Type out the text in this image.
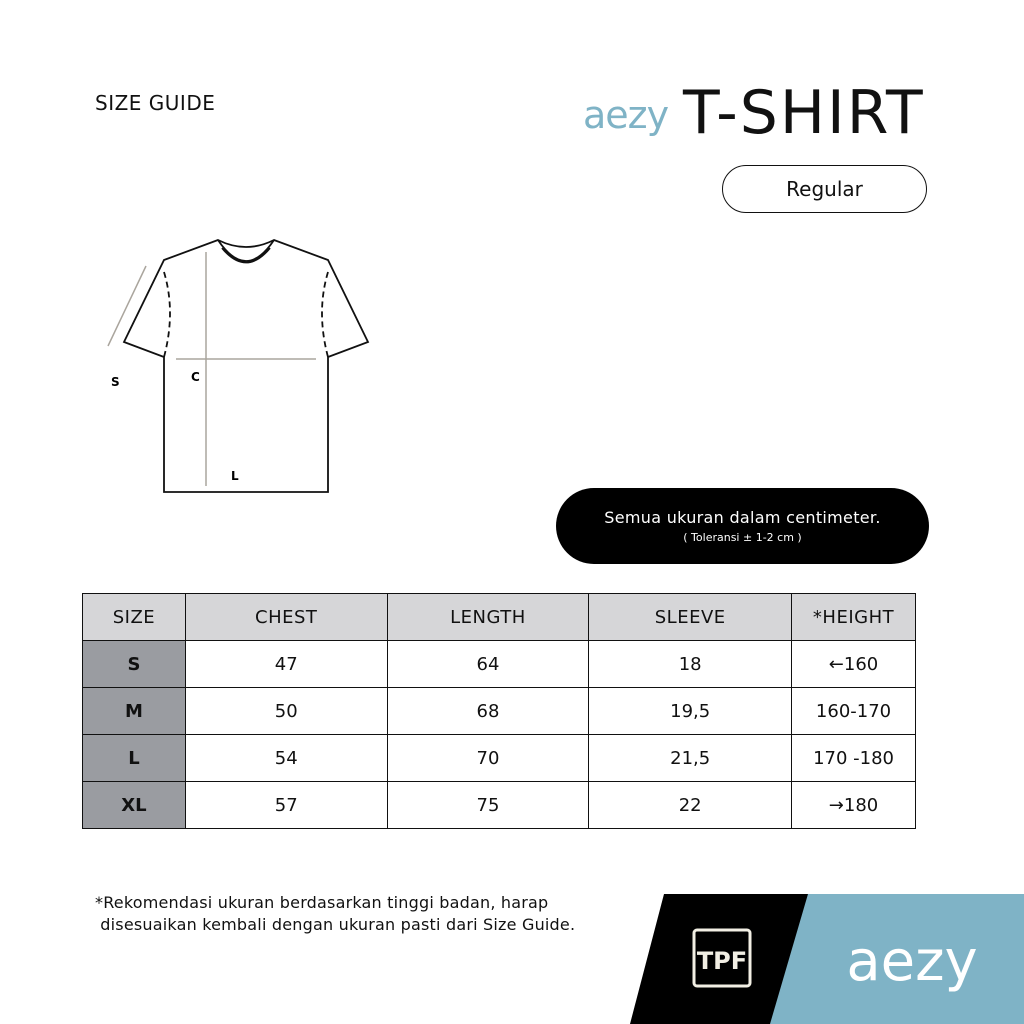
SIZE GUIDE	aezy T-SHIRT
Regular
S	C
L
Semua ukuran dalam centimeter.
( Toleransi ± 1-2 cm )
SIZE	CHEST	LENGTH	SLEEVE	*HEIGHT
S	47	64	18	←160
M	50	68	19,5	160-170
L	54	70	21,5	170 -180
XL	57	75	22	→180
*Rekomendasi ukuran berdasarkan tinggi badan, harap
disesuaikan kembali dengan ukuran pasti dari Size Guide.
TPF aezy
